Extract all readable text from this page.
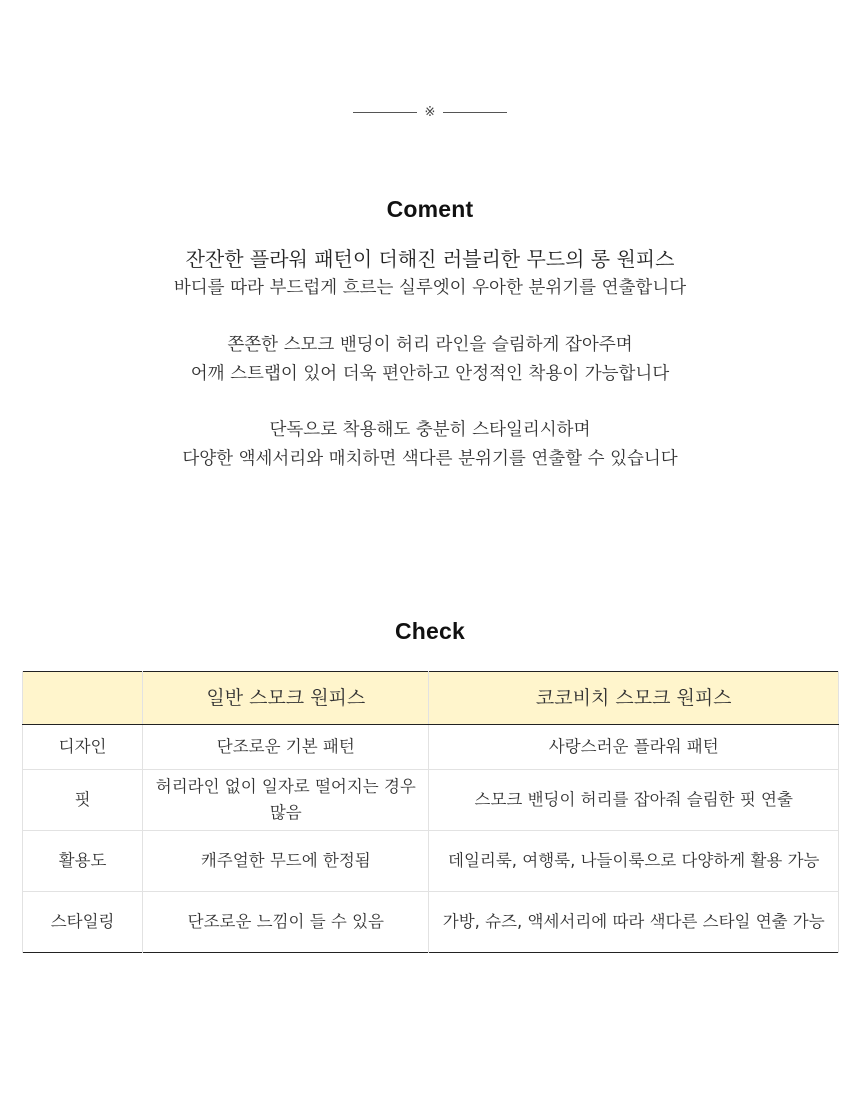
※
Coment
잔잔한 플라워 패턴이 더해진 러블리한 무드의 롱 원피스
바디를 따라 부드럽게 흐르는 실루엣이 우아한 분위기를 연출합니다
쫀쫀한 스모크 밴딩이 허리 라인을 슬림하게 잡아주며
어깨 스트랩이 있어 더욱 편안하고 안정적인 착용이 가능합니다
단독으로 착용해도 충분히 스타일리시하며
다양한 액세서리와 매치하면 색다른 분위기를 연출할 수 있습니다
Check
	일반 스모크 원피스	코코비치 스모크 원피스
디자인	단조로운 기본 패턴	사랑스러운 플라워 패턴
핏	허리라인 없이 일자로 떨어지는 경우 많음	스모크 밴딩이 허리를 잡아줘 슬림한 핏 연출
활용도	캐주얼한 무드에 한정됨	데일리룩, 여행룩, 나들이룩으로 다양하게 활용 가능
스타일링	단조로운 느낌이 들 수 있음	가방, 슈즈, 액세서리에 따라 색다른 스타일 연출 가능
